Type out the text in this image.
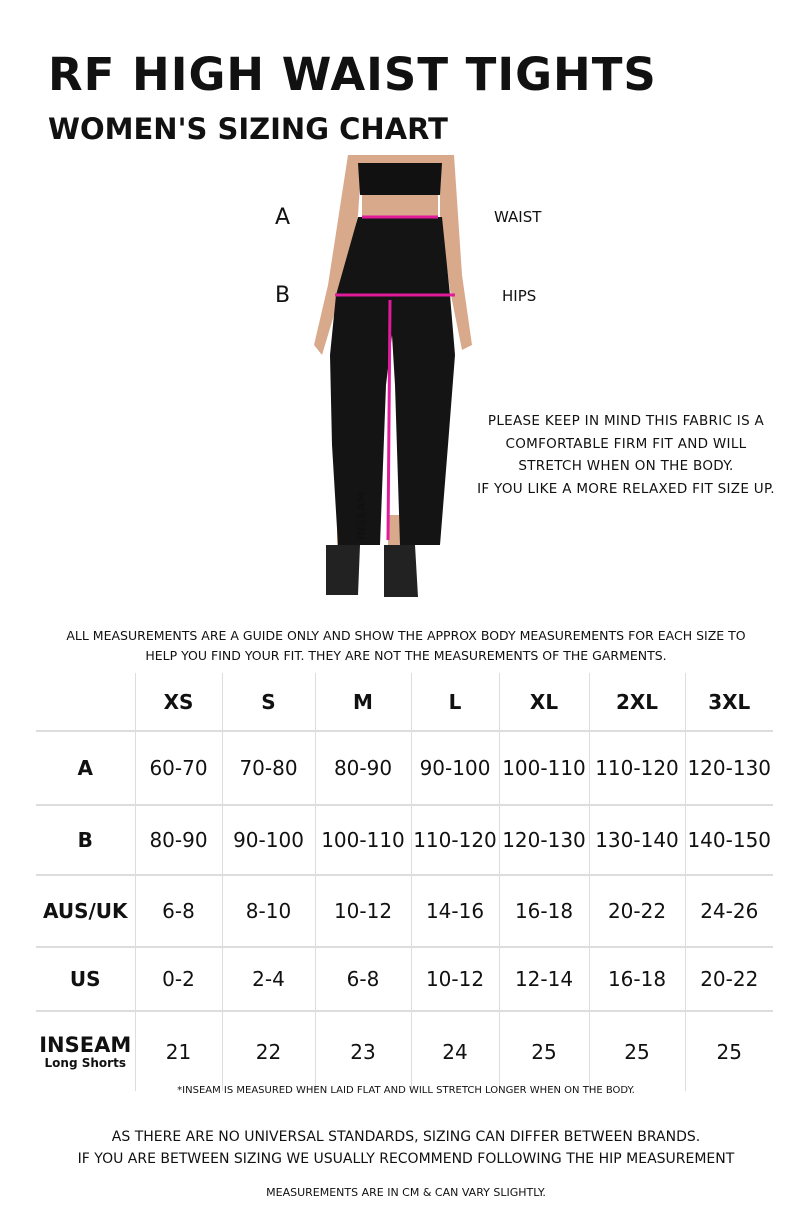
RF HIGH WAIST TIGHTS
WOMEN'S SIZING CHART
INSEAM
A
B
WAIST
HIPS
PLEASE KEEP IN MIND THIS FABRIC IS A
COMFORTABLE FIRM FIT AND WILL
STRETCH WHEN ON THE BODY.
IF YOU LIKE A MORE RELAXED FIT SIZE UP.
ALL MEASUREMENTS ARE A GUIDE ONLY AND SHOW THE APPROX BODY MEASUREMENTS FOR EACH SIZE TO
HELP YOU FIND YOUR FIT. THEY ARE NOT THE MEASUREMENTS OF THE GARMENTS.
	XS	S	M	L	XL	2XL	3XL
A	60-70	70-80	80-90	90-100	100-110	110-120	120-130
B	80-90	90-100	100-110	110-120	120-130	130-140	140-150
AUS/UK	6-8	8-10	10-12	14-16	16-18	20-22	24-26
US	0-2	2-4	6-8	10-12	12-14	16-18	20-22

INSEAM
Long Shorts	21	22	23	24	25	25	25
*INSEAM IS MEASURED WHEN LAID FLAT AND WILL STRETCH LONGER WHEN ON THE BODY.
AS THERE ARE NO UNIVERSAL STANDARDS, SIZING CAN DIFFER BETWEEN BRANDS.
IF YOU ARE BETWEEN SIZING WE USUALLY RECOMMEND FOLLOWING THE HIP MEASUREMENT
MEASUREMENTS ARE IN CM & CAN VARY SLIGHTLY.
